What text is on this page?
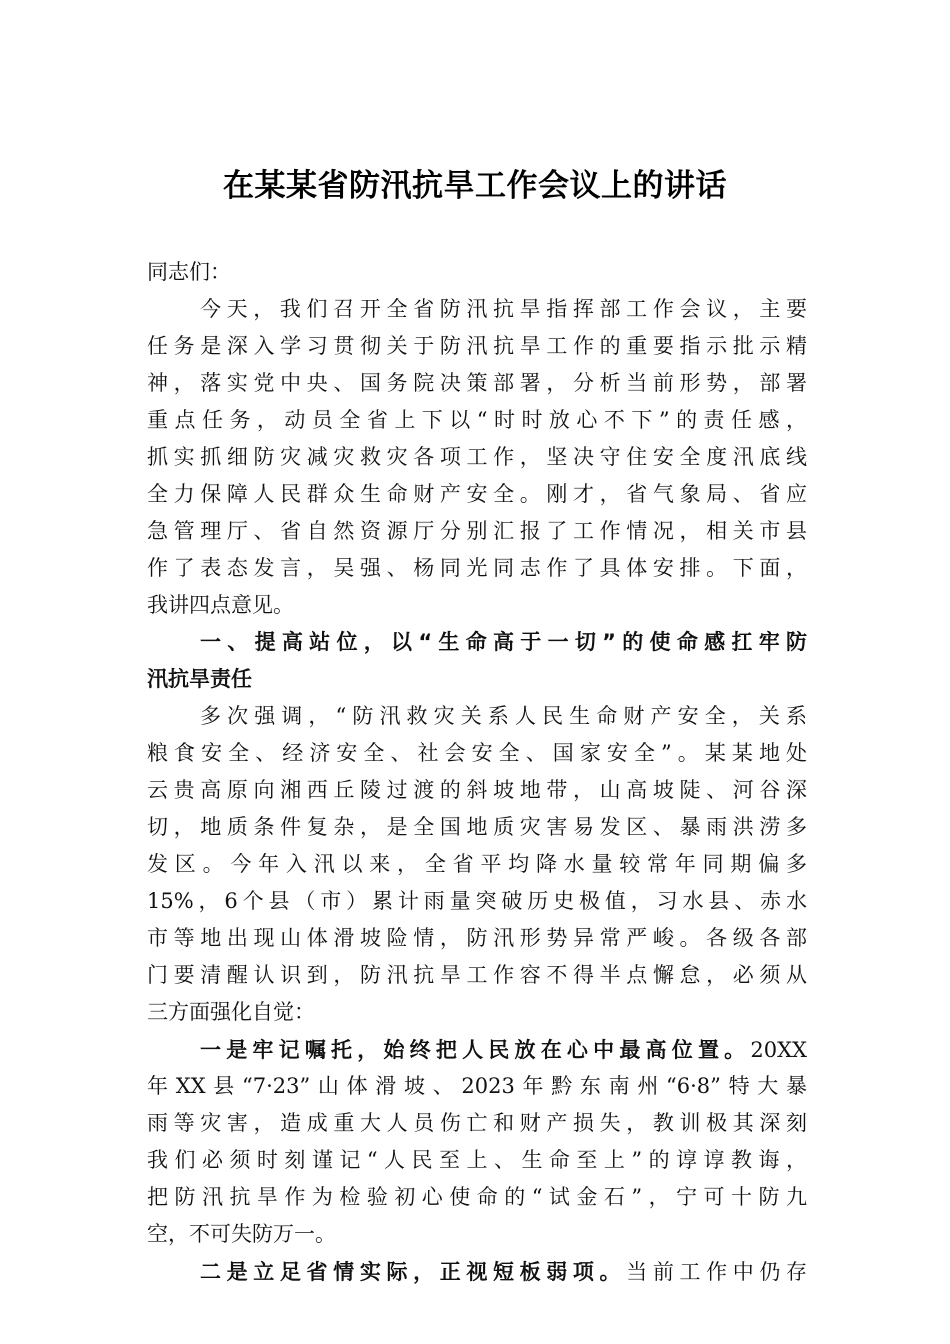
在某某省防汛抗旱工作会议上的讲话
同志们：
今天，我们召开全省防汛抗旱指挥部工作会议，主要
任务是深入学习贯彻关于防汛抗旱工作的重要指示批示精
神，落实党中央、国务院决策部署，分析当前形势，部署
重点任务，动员全省上下以“时时放心不下”的责任感，
抓实抓细防灾减灾救灾各项工作，坚决守住安全度汛底线
全力保障人民群众生命财产安全。刚才，省气象局、省应
急管理厅、省自然资源厅分别汇报了工作情况，相关市县
作了表态发言，吴强、杨同光同志作了具体安排。下面，
我讲四点意见。
一、提高站位，以“生命高于一切”的使命感扛牢防
汛抗旱责任
多次强调，“防汛救灾关系人民生命财产安全，关系
粮食安全、经济安全、社会安全、国家安全”。某某地处
云贵高原向湘西丘陵过渡的斜坡地带，山高坡陡、河谷深
切，地质条件复杂，是全国地质灾害易发区、暴雨洪涝多
发区。今年入汛以来，全省平均降水量较常年同期偏多
15%，6个县（市）累计雨量突破历史极值，习水县、赤水
市等地出现山体滑坡险情，防汛形势异常严峻。各级各部
门要清醒认识到，防汛抗旱工作容不得半点懈怠，必须从
三方面强化自觉：
一是牢记嘱托，始终把人民放在心中最高位置。20XX
年XX县“7·23”山体滑坡、2023年黔东南州“6·8”特大暴
雨等灾害，造成重大人员伤亡和财产损失，教训极其深刻
我们必须时刻谨记“人民至上、生命至上”的谆谆教诲，
把防汛抗旱作为检验初心使命的“试金石”，宁可十防九
空，不可失防万一。
二是立足省情实际，正视短板弱项。当前工作中仍存
